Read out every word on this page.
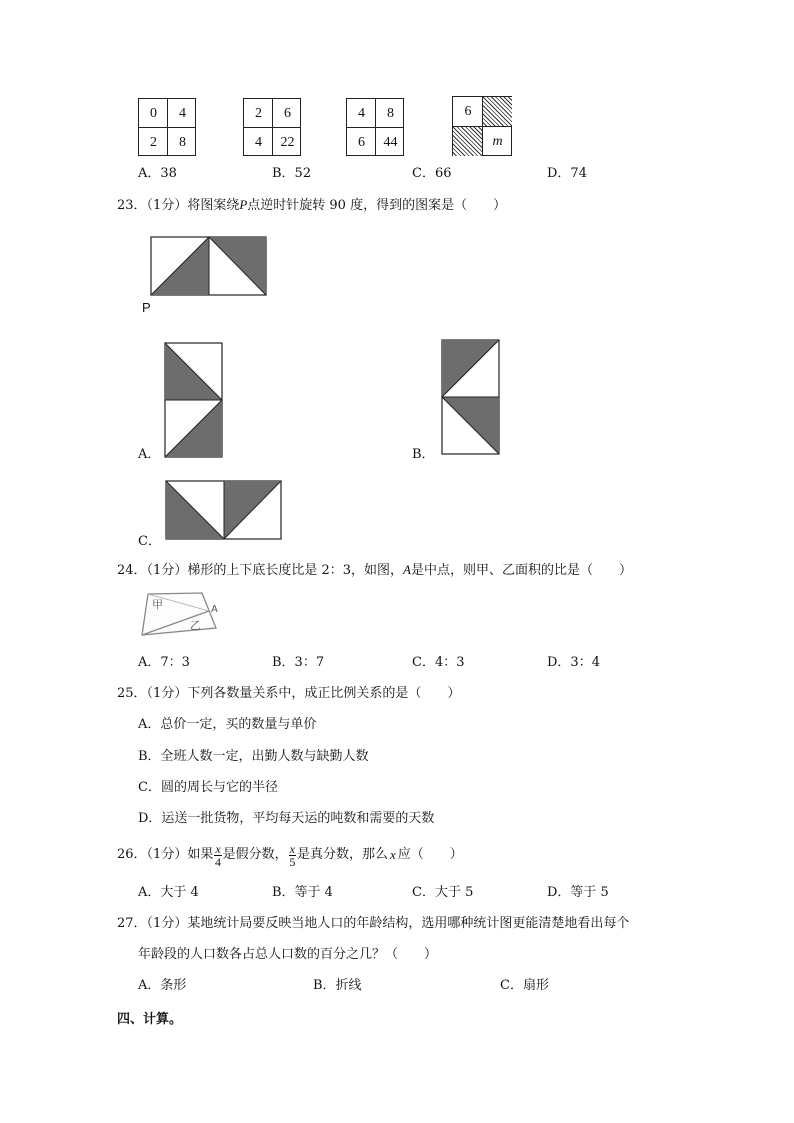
0	4
2	8
2	6
4	22
4	8
6	44
6
m
A．38	B．52	C．66	D．74
23．（1分）将图案绕P点逆时针旋转 90 度，得到的图案是（　　）
P
A．	B．
C．
24．（1分）梯形的上下底长度比是 2：3，如图，A是中点，则甲、乙面积的比是（　　）
甲
乙
A
A．7：3	B．3：7	C．4：3	D．3：4
25．（1分）下列各数量关系中，成正比例关系的是（　　）
A．总价一定，买的数量与单价
B．全班人数一定，出勤人数与缺勤人数
C．圆的周长与它的半径
D．运送一批货物，平均每天运的吨数和需要的天数
26．（1分）如果 $\frac{x}{4}$ 是假分数， $\frac{x}{5}$ 是真分数，那么 x 应（　　）
A．大于 4	B．等于 4	C．大于 5	D．等于 5
27．（1分）某地统计局要反映当地人口的年龄结构，选用哪种统计图更能清楚地看出每个
年龄段的人口数各占总人口数的百分之几？（　　）
A．条形	B．折线	C．扇形
四、计算。
